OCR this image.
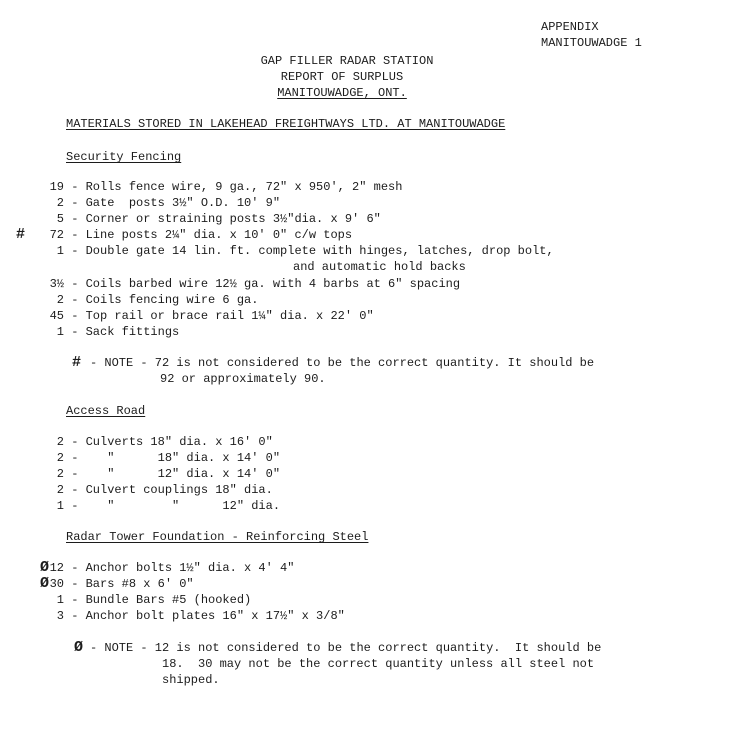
APPENDIX
MANITOUWADGE 1
GAP FILLER RADAR STATION
REPORT OF SURPLUS
MANITOUWADGE, ONT.
MATERIALS STORED IN LAKEHEAD FREIGHTWAYS LTD. AT MANITOUWADGE
Security Fencing
19 - Rolls fence wire, 9 ga., 72" x 950', 2" mesh
2 - Gate  posts 3½" O.D. 10' 9"
5 - Corner or straining posts 3½"dia. x 9' 6"
#	72 - Line posts 2¼" dia. x 10' 0" c/w tops
1 - Double gate 14 lin. ft. complete with hinges, latches, drop bolt,
and automatic hold backs
3½ - Coils barbed wire 12½ ga. with 4 barbs at 6" spacing
2 - Coils fencing wire 6 ga.
45 - Top rail or brace rail 1¼" dia. x 22' 0"
1 - Sack fittings
# - NOTE - 72 is not considered to be the correct quantity. It should be
92 or approximately 90.
Access Road
2 - Culverts 18" dia. x 16' 0"
2 -    "      18" dia. x 14' 0"
2 -    "      12" dia. x 14' 0"
2 - Culvert couplings 18" dia.
1 -    "        "      12" dia.
Radar Tower Foundation - Reinforcing Steel
Ø 12 - Anchor bolts 1½" dia. x 4' 4"
Ø 30 - Bars #8 x 6' 0"
1 - Bundle Bars #5 (hooked)
3 - Anchor bolt plates 16" x 17½" x 3/8"
Ø - NOTE - 12 is not considered to be the correct quantity.  It should be
18.  30 may not be the correct quantity unless all steel not
shipped.
